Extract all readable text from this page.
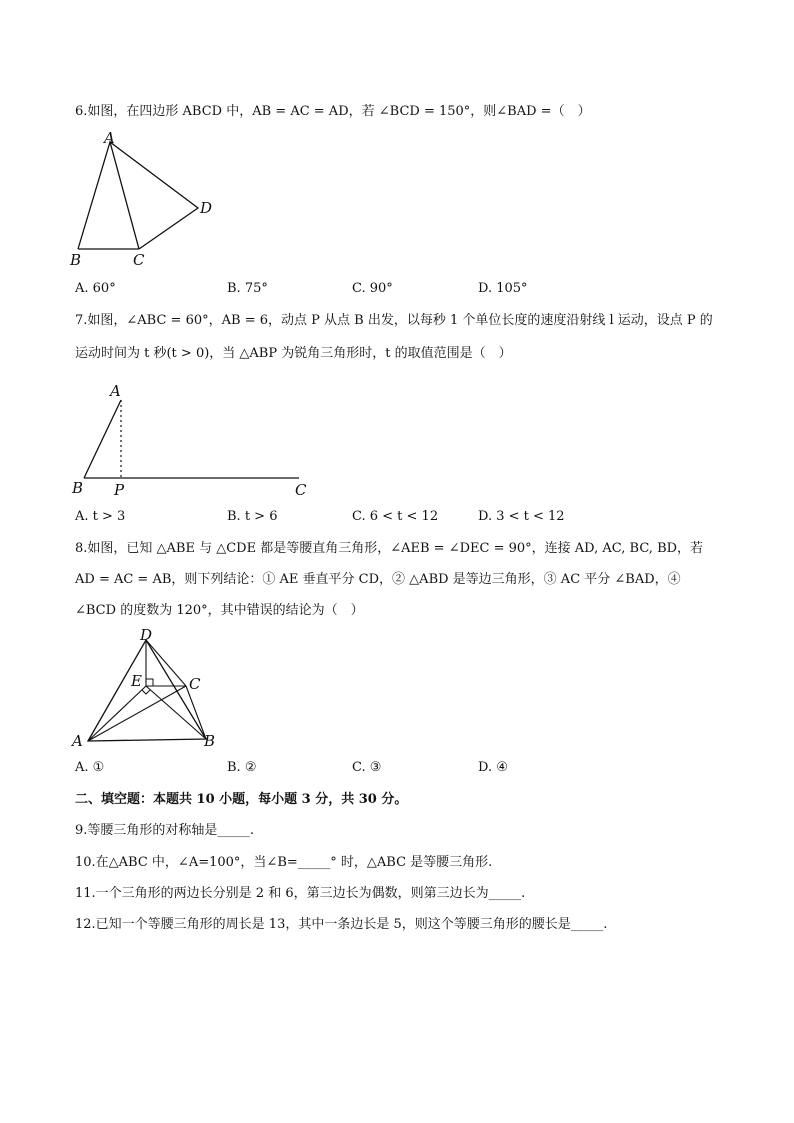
6.如图，在四边形 ABCD 中，AB = AC = AD，若 ∠BCD = 150°，则∠BAD =（　）
A
B	C
D
A. 60°	B. 75°	C. 90°	D. 105°
7.如图，∠ABC = 60°，AB = 6，动点 P 从点 B 出发，以每秒 1 个单位长度的速度沿射线 l 运动，设点 P 的
运动时间为 t 秒(t > 0)，当 △ABP 为锐角三角形时，t 的取值范围是（　）
A
B P	C
A. t > 3	B. t > 6	C. 6 < t < 12	D. 3 < t < 12
8.如图，已知 △ABE 与 △CDE 都是等腰直角三角形，∠AEB = ∠DEC = 90°，连接 AD, AC, BC, BD，若
AD = AC = AB，则下列结论：① AE 垂直平分 CD，② △ABD 是等边三角形，③ AC 平分 ∠BAD，④
∠BCD 的度数为 120°，其中错误的结论为（　）
D
E	C
A	B
A. ①	B. ②	C. ③	D. ④
二、填空题：本题共 10 小题，每小题 3 分，共 30 分。
9.等腰三角形的对称轴是_____.
10.在△ABC 中，∠A=100°，当∠B=_____° 时，△ABC 是等腰三角形.
11.一个三角形的两边长分别是 2 和 6，第三边长为偶数，则第三边长为_____.
12.已知一个等腰三角形的周长是 13，其中一条边长是 5，则这个等腰三角形的腰长是_____.
